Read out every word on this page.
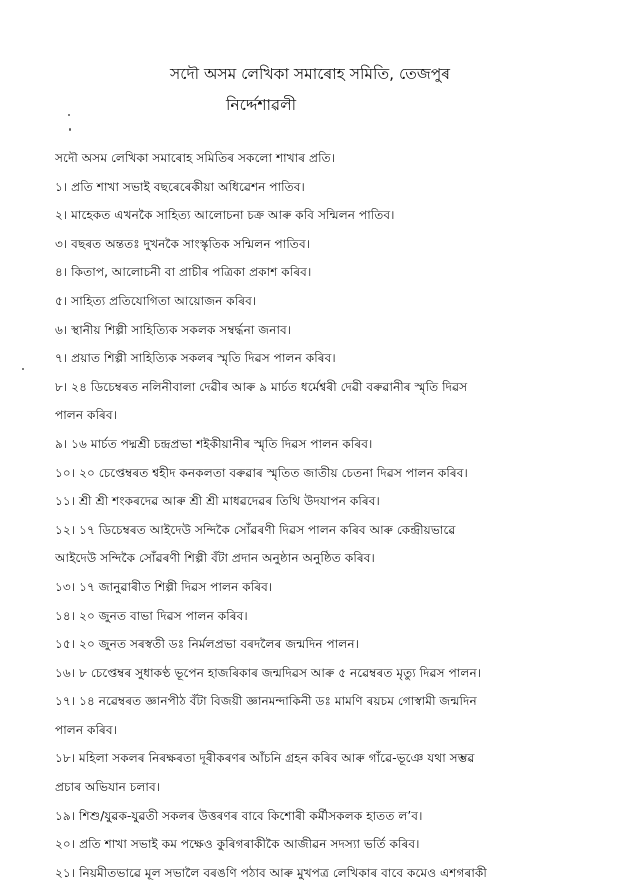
সদৌ অসম লেখিকা সমাৰোহ সমিতি, তেজপুৰ
নিৰ্দ্দেশাৱলী
সদৌ অসম লেখিকা সমাৰোহ সমিতিৰ সকলো শাখাৰ প্ৰতি।
১। প্ৰতি শাখা সভাই বছৰেৰেকীয়া অধিৱেশন পাতিব।
২। মাহেকত এখনকৈ সাহিত্য আলোচনা চক্ৰ আৰু কবি সন্মিলন পাতিব।
৩। বছৰত অন্ততঃ দুখনকৈ সাংস্কৃতিক সন্মিলন পাতিব।
৪। কিতাপ, আলোচনী বা প্ৰাচীৰ পত্ৰিকা প্ৰকাশ কৰিব।
৫। সাহিত্য প্ৰতিযোগিতা আয়োজন কৰিব।
৬। স্থানীয় শিল্পী সাহিত্যিক সকলক সম্বৰ্দ্ধনা জনাব।
৭। প্ৰয়াত শিল্পী সাহিত্যিক সকলৰ স্মৃতি দিৱস পালন কৰিব।
৮। ২৪ ডিচেম্বৰত নলিনীবালা দেৱীৰ আৰু ৯ মাৰ্চত ধৰ্মেশ্বৰী দেৱী বৰুৱানীৰ স্মৃতি দিৱস
পালন কৰিব।
৯। ১৬ মাৰ্চত পদ্মশ্ৰী চন্দ্ৰপ্ৰভা শইকীয়ানীৰ স্মৃতি দিৱস পালন কৰিব।
১০। ২০ চেপ্তেম্বৰত শ্বহীদ কনকলতা বৰুৱাৰ স্মৃতিত জাতীয় চেতনা দিৱস পালন কৰিব।
১১। শ্ৰী শ্ৰী শংকৰদেৱ আৰু শ্ৰী শ্ৰী মাধৱদেৱৰ তিথি উদযাপন কৰিব।
১২। ১৭ ডিচেম্বৰত আইদেউ সন্দিকৈ সোঁৱৰণী দিৱস পালন কৰিব আৰু কেন্দ্ৰীয়ভাৱে
আইদেউ সন্দিকৈ সোঁৱৰণী শিল্পী বঁটা প্ৰদান অনুষ্ঠান অনুষ্ঠিত কৰিব।
১৩। ১৭ জানুৱাৰীত শিল্পী দিৱস পালন কৰিব।
১৪। ২০ জুনত বাভা দিৱস পালন কৰিব।
১৫। ২০ জুনত সৰস্বতী ডঃ নিৰ্মলপ্ৰভা বৰদলৈৰ জন্মদিন পালন।
১৬। ৮ চেপ্তেম্বৰ সুধাকণ্ঠ ভূপেন হাজৰিকাৰ জন্মদিৱস আৰু ৫ নৱেম্বৰত মৃত্যু দিৱস পালন।
১৭। ১৪ নৱেম্বৰত জ্ঞানপীঠ বঁটা বিজয়ী জ্ঞানমন্দাকিনী ডঃ মামণি ৰয়চম গোস্বামী জন্মদিন
পালন কৰিব।
১৮। মহিলা সকলৰ নিৰক্ষৰতা দূৰীকৰণৰ আঁচনি গ্ৰহন কৰিব আৰু গাঁৱে-ভূঞে যথা সম্ভৱ
প্ৰচাৰ অভিযান চলাব।
১৯। শিশু/যুৱক-যুৱতী সকলৰ উত্তৰণৰ বাবে কিশোৰী কৰ্মীসকলক হাতত ল’ব।
২০। প্ৰতি শাখা সভাই কম পক্ষেও কুৰিগৰাকীকৈ আজীৱন সদস্যা ভৰ্তি কৰিব।
২১। নিয়মীতভাৱে মূল সভালৈ বৰঙণি পঠাব আৰু মুখপত্ৰ লেখিকাৰ বাবে কমেও এশগৰাকী
